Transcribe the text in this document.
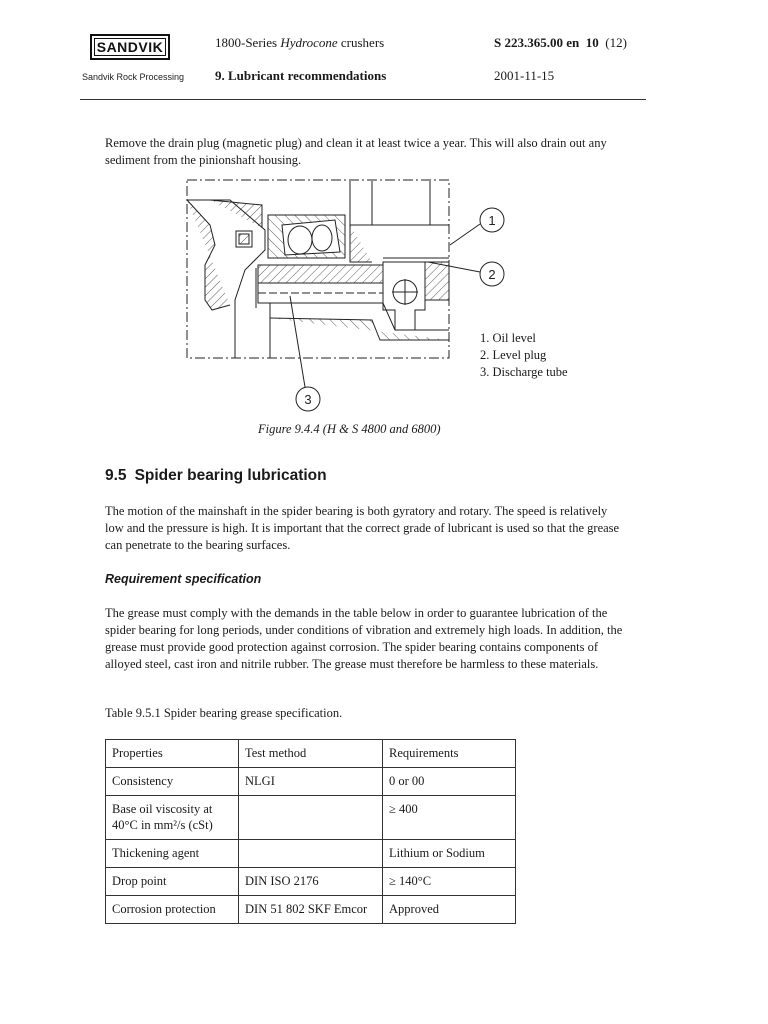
SANDVIK
Sandvik Rock Processing
1800-Series Hydrocone crushers
9. Lubricant recommendations
S 223.365.00 en 10 (12)
2001-11-15
Remove the drain plug (magnetic plug) and clean it at least twice a year. This will also drain out any sediment from the pinionshaft housing.
1
2
3
1. Oil level
2. Level plug
3. Discharge tube
Figure 9.4.4 (H & S 4800 and 6800)
9.5 Spider bearing lubrication
The motion of the mainshaft in the spider bearing is both gyratory and rotary. The speed is relatively low and the pressure is high. It is important that the correct grade of lubricant is used so that the grease can penetrate to the bearing surfaces.
Requirement specification
The grease must comply with the demands in the table below in order to guarantee lubrication of the spider bearing for long periods, under conditions of vibration and extremely high loads. In addition, the grease must provide good protection against corrosion. The spider bearing contains components of alloyed steel, cast iron and nitrile rubber. The grease must therefore be harmless to these materials.
Table 9.5.1 Spider bearing grease specification.
Properties	Test method	Requirements
Consistency	NLGI	0 or 00
Base oil viscosity at 40°C in mm²/s (cSt)		≥ 400
Thickening agent		Lithium or Sodium
Drop point	DIN ISO 2176	≥ 140°C
Corrosion protection	DIN 51 802 SKF Emcor	Approved
